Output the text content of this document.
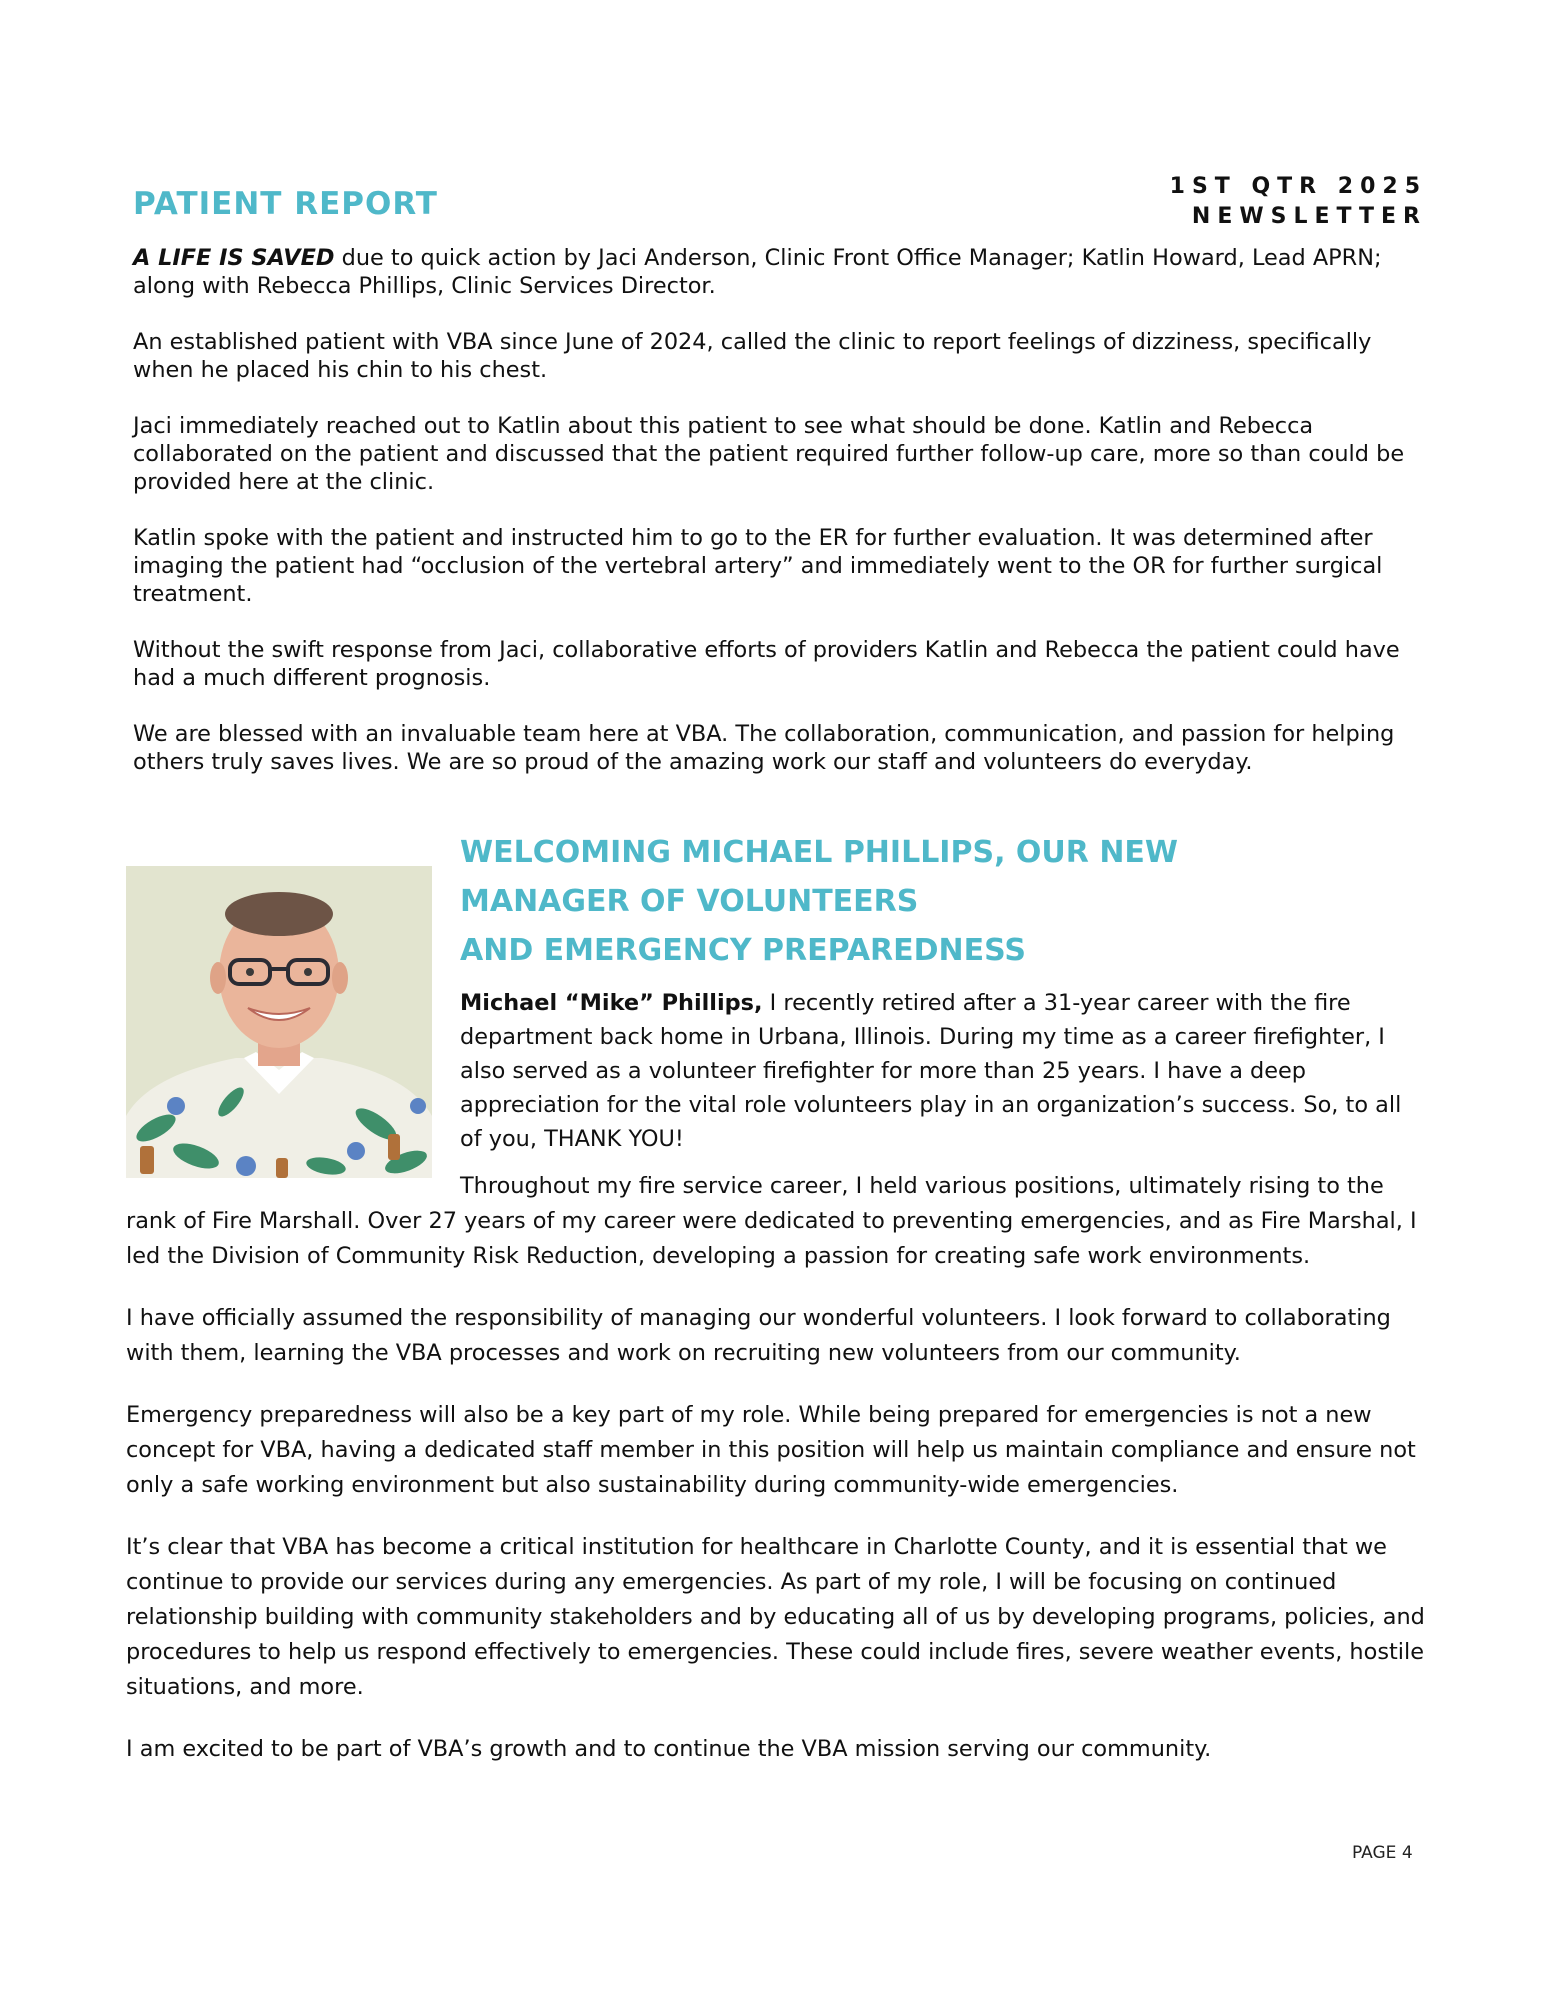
1ST QTR 2025
NEWSLETTER
PATIENT REPORT

A LIFE IS SAVED due to quick action by Jaci Anderson, Clinic Front Office Manager; Katlin Howard, Lead APRN; along with Rebecca Phillips, Clinic Services Director.

An established patient with VBA since June of 2024, called the clinic to report feelings of dizziness, specifically when he placed his chin to his chest.

Jaci immediately reached out to Katlin about this patient to see what should be done. Katlin and Rebecca collaborated on the patient and discussed that the patient required further follow-up care, more so than could be provided here at the clinic.

Katlin spoke with the patient and instructed him to go to the ER for further evaluation. It was determined after imaging the patient had “occlusion of the vertebral artery” and immediately went to the OR for further surgical treatment.

Without the swift response from Jaci, collaborative efforts of providers Katlin and Rebecca the patient could have had a much different prognosis.

We are blessed with an invaluable team here at VBA. The collaboration, communication, and passion for helping others truly saves lives. We are so proud of the amazing work our staff and volunteers do everyday.

WELCOMING MICHAEL PHILLIPS, OUR NEW
MANAGER OF VOLUNTEERS
AND EMERGENCY PREPAREDNESS

Michael “Mike” Phillips, I recently retired after a 31-year career with the fire department back home in Urbana, Illinois. During my time as a career firefighter, I also served as a volunteer firefighter for more than 25 years. I have a deep appreciation for the vital role volunteers play in an organization’s success. So, to all of you, THANK YOU!

Throughout my fire service career, I held various positions, ultimately rising to the rank of Fire Marshall. Over 27 years of my career were dedicated to preventing emergencies, and as Fire Marshal, I led the Division of Community Risk Reduction, developing a passion for creating safe work environments.

I have officially assumed the responsibility of managing our wonderful volunteers. I look forward to collaborating with them, learning the VBA processes and work on recruiting new volunteers from our community.

Emergency preparedness will also be a key part of my role. While being prepared for emergencies is not a new concept for VBA, having a dedicated staff member in this position will help us maintain compliance and ensure not only a safe working environment but also sustainability during community-wide emergencies.

It’s clear that VBA has become a critical institution for healthcare in Charlotte County, and it is essential that we continue to provide our services during any emergencies. As part of my role, I will be focusing on continued relationship building with community stakeholders and by educating all of us by developing programs, policies, and procedures to help us respond effectively to emergencies. These could include fires, severe weather events, hostile situations, and more.

I am excited to be part of VBA’s growth and to continue the VBA mission serving our community.

PAGE 4
